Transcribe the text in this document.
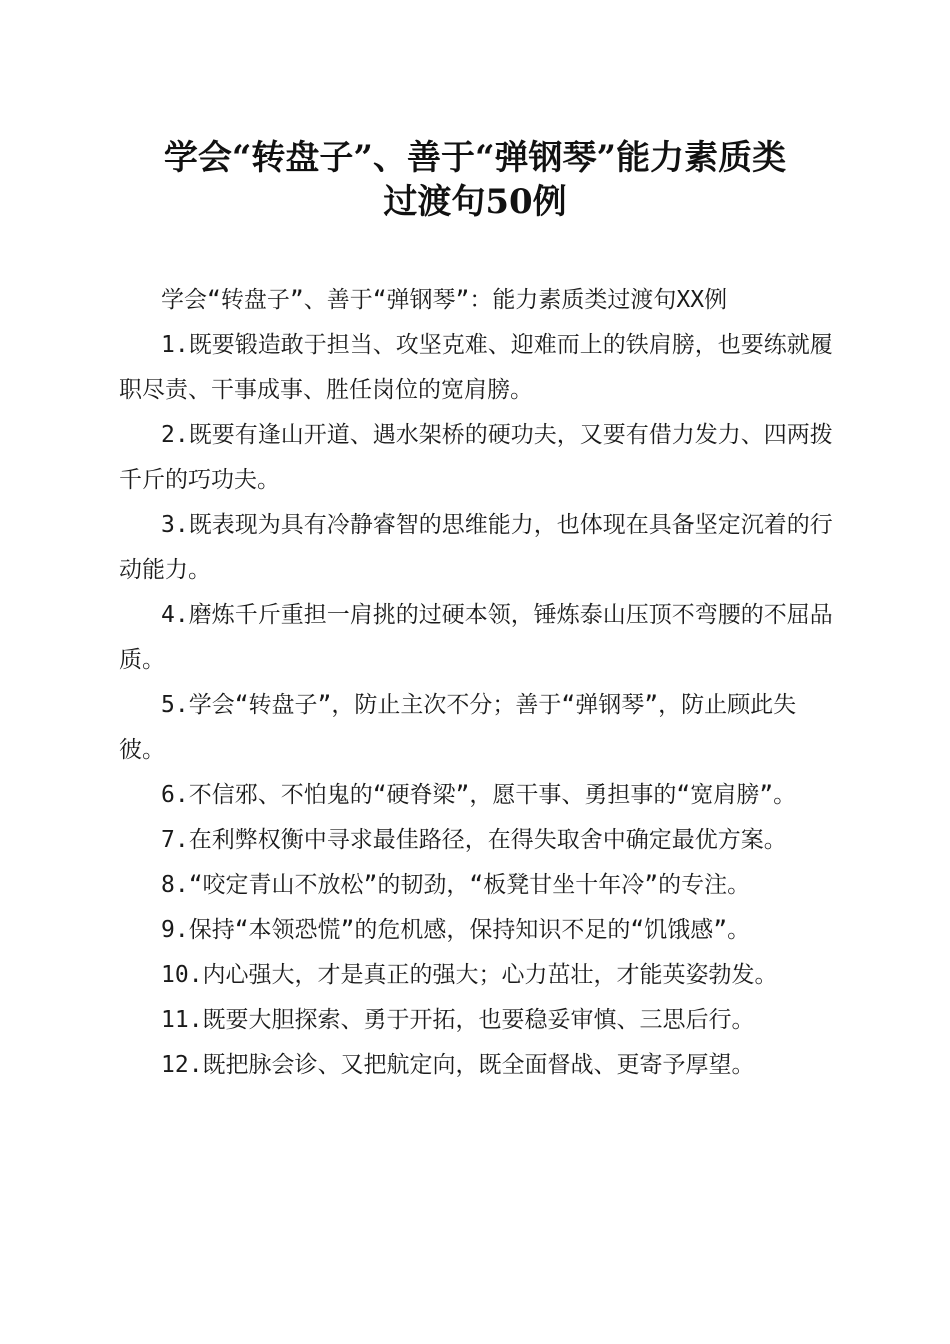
学会“转盘子”、善于“弹钢琴”能力素质类
过渡句50例

学会“转盘子”、善于“弹钢琴”：能力素质类过渡句XX例

1.既要锻造敢于担当、攻坚克难、迎难而上的铁肩膀，也要练就履职尽责、干事成事、胜任岗位的宽肩膀。

2.既要有逢山开道、遇水架桥的硬功夫，又要有借力发力、四两拨千斤的巧功夫。

3.既表现为具有冷静睿智的思维能力，也体现在具备坚定沉着的行动能力。

4.磨炼千斤重担一肩挑的过硬本领，锤炼泰山压顶不弯腰的不屈品质。

5.学会“转盘子”，防止主次不分；善于“弹钢琴”，防止顾此失彼。

6.不信邪、不怕鬼的“硬脊梁”，愿干事、勇担事的“宽肩膀”。

7.在利弊权衡中寻求最佳路径，在得失取舍中确定最优方案。

8.“咬定青山不放松”的韧劲，“板凳甘坐十年冷”的专注。

9.保持“本领恐慌”的危机感，保持知识不足的“饥饿感”。

10.内心强大，才是真正的强大；心力茁壮，才能英姿勃发。

11.既要大胆探索、勇于开拓，也要稳妥审慎、三思后行。

12.既把脉会诊、又把航定向，既全面督战、更寄予厚望。
